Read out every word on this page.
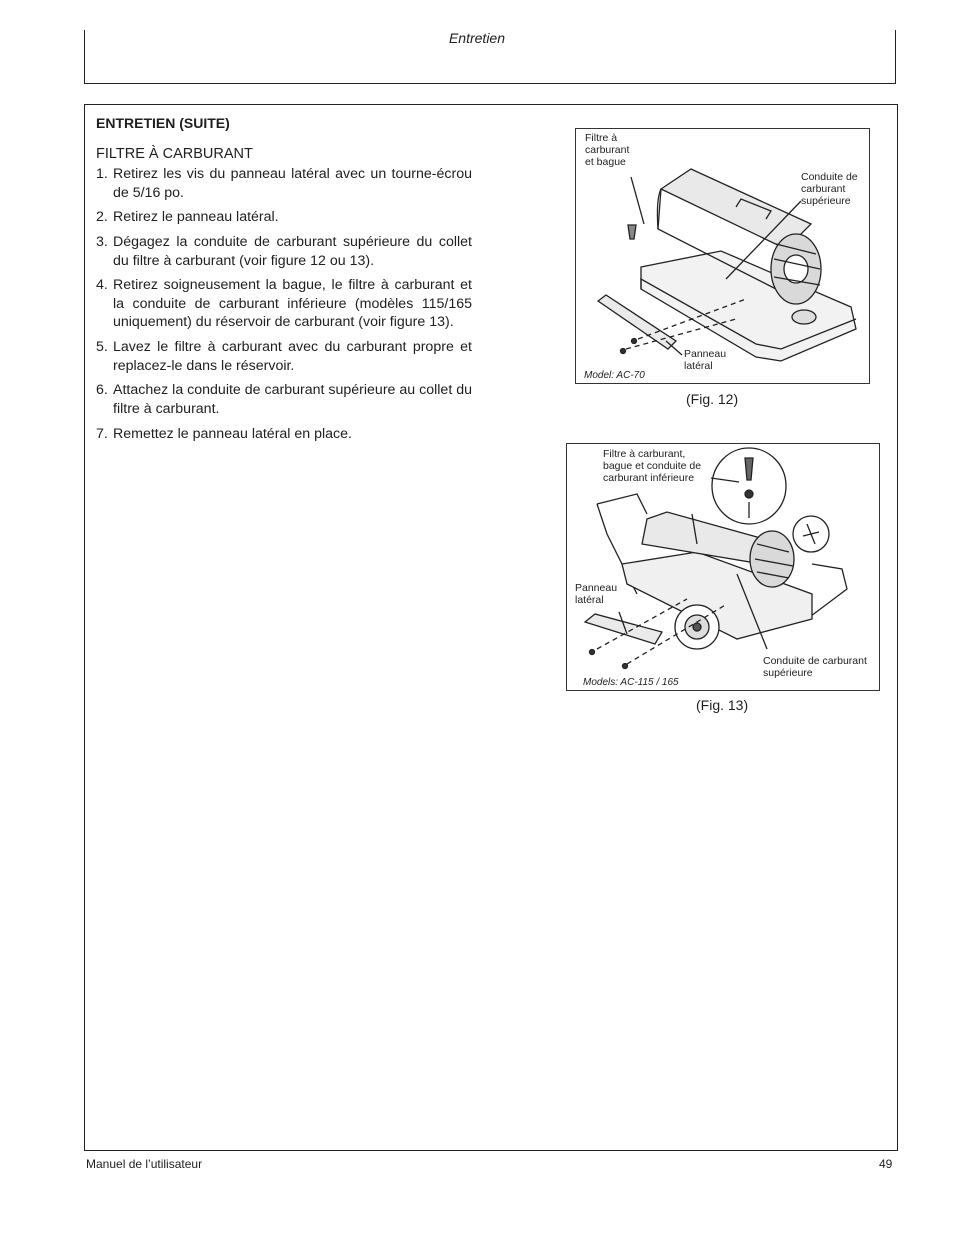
Entretien
ENTRETIEN (SUITE)
FILTRE À CARBURANT
1. Retirez les vis du panneau latéral avec un tourne-écrou de 5/16 po.
2. Retirez le panneau latéral.
3. Dégagez la conduite de carburant supérieure du collet du filtre à carburant (voir figure 12 ou 13).
4. Retirez soigneusement la bague, le filtre à carburant et la conduite de carburant inférieure (modèles 115/165 uniquement) du réservoir de carburant (voir figure 13).
5. Lavez le filtre à carburant avec du carburant propre et replacez-le dans le réservoir.
6. Attachez la conduite de carburant supérieure au collet du filtre à carburant.
7. Remettez le panneau latéral en place.
Filtre à
carburant
et bague
Conduite de
carburant
supérieure
Panneau
latéral
Model: AC-70
(Fig. 12)
Filtre à carburant,
bague et conduite de
carburant inférieure
Panneau
latéral
Conduite de carburant
supérieure
Models: AC-115 / 165
(Fig. 13)
Manuel de l’utilisateur	49
